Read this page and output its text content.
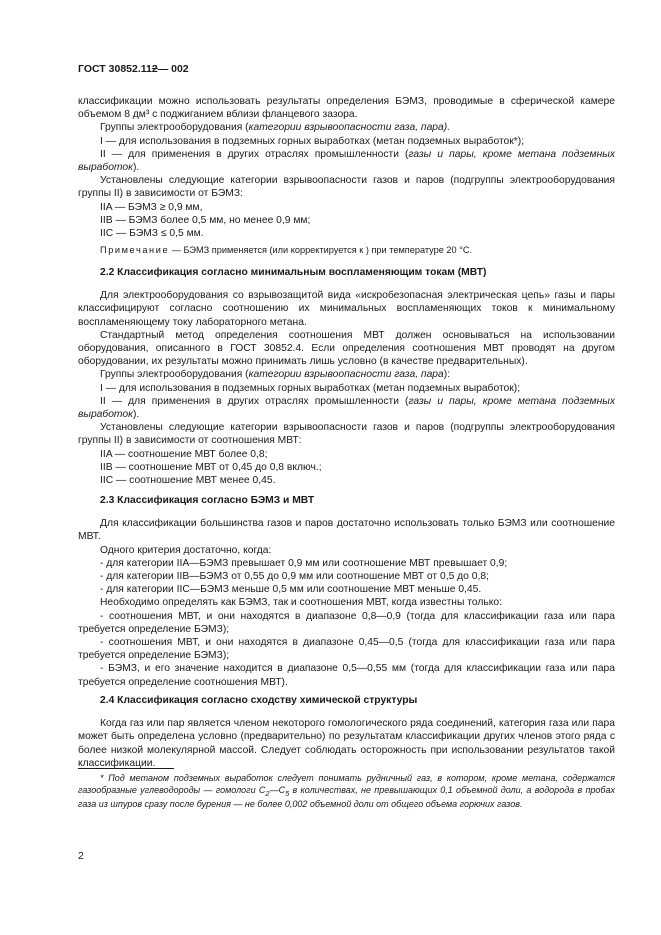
ГОСТ 30852.112— 002

классификации можно использовать результаты определения БЭМЗ, проводимые в сферической камере объемом 8 дм³ с поджиганием вблизи фланцевого зазора.

Группы электрооборудования (категории взрывоопасности газа, пара).

I — для использования в подземных горных выработках (метан подземных выработок*);

II — для применения в других отраслях промышленности (газы и пары, кроме метана подземных выработок).

Установлены следующие категории взрывоопасности газов и паров (подгруппы электрооборудования группы II) в зависимости от БЭМЗ:

IIA — БЭМЗ ≥ 0,9 мм,

IIB — БЭМЗ более 0,5 мм, но менее 0,9 мм;

IIC — БЭМЗ ≤ 0,5 мм.

Примечание — БЭМЗ применяется (или корректируется к ) при температуре 20 °C.

2.2 Классификация согласно минимальным воспламеняющим токам (МВТ)

Для электрооборудования со взрывозащитой вида «искробезопасная электрическая цепь» газы и пары классифицируют согласно соотношению их минимальных воспламеняющих токов к минимальному воспламеняющему току лабораторного метана.

Стандартный метод определения соотношения МВТ должен основываться на использовании оборудования, описанного в ГОСТ 30852.4. Если определения соотношения МВТ проводят на другом оборудовании, их результаты можно принимать лишь условно (в качестве предварительных).

Группы электрооборудования (категории взрывоопасности газа, пара):

I — для использования в подземных горных выработках (метан подземных выработок);

II — для применения в других отраслях промышленности (газы и пары, кроме метана подземных выработок).

Установлены следующие категории взрывоопасности газов и паров (подгруппы электрооборудования группы II) в зависимости от соотношения МВТ:

IIA — соотношение МВТ более 0,8;

IIB — соотношение МВТ от 0,45 до 0,8 включ.;

IIC — соотношение МВТ менее 0,45.

2.3 Классификация согласно БЭМЗ и МВТ

Для классификации большинства газов и паров достаточно использовать только БЭМЗ или соотношение МВТ.

Одного критерия достаточно, когда:

- для категории IIA—БЭМЗ превышает 0,9 мм или соотношение МВТ превышает 0,9;

- для категории IIB—БЭМЗ от 0,55 до 0,9 мм или соотношение МВТ от 0,5 до 0,8;

- для категории IIC—БЭМЗ меньше 0,5 мм или соотношение МВТ меньше 0,45.

Необходимо определять как БЭМЗ, так и соотношения МВТ, когда известны только:

- соотношения МВТ, и они находятся в диапазоне 0,8—0,9 (тогда для классификации газа или пара требуется определение БЭМЗ);

- соотношения МВТ, и они находятся в диапазоне 0,45—0,5 (тогда для классификации газа или пара требуется определение БЭМЗ);

- БЭМЗ, и его значение находится в диапазоне 0,5—0,55 мм (тогда для классификации газа или пара требуется определение соотношения МВТ).

2.4 Классификация согласно сходству химической структуры

Когда газ или пар является членом некоторого гомологического ряда соединений, категория газа или пара может быть определена условно (предварительно) по результатам классификации других членов этого ряда с более низкой молекулярной массой. Следует соблюдать осторожность при использовании результатов такой классификации.

* Под метаном подземных выработок следует понимать рудничный газ, в котором, кроме метана, содержатся газообразные углеводороды — гомологи $C_2—C_5$ в количествах, не превышающих 0,1 объемной доли, а водорода в пробах газа из шпуров сразу после бурения — не более 0,002 объемной доли от общего объема горючих газов.

2
